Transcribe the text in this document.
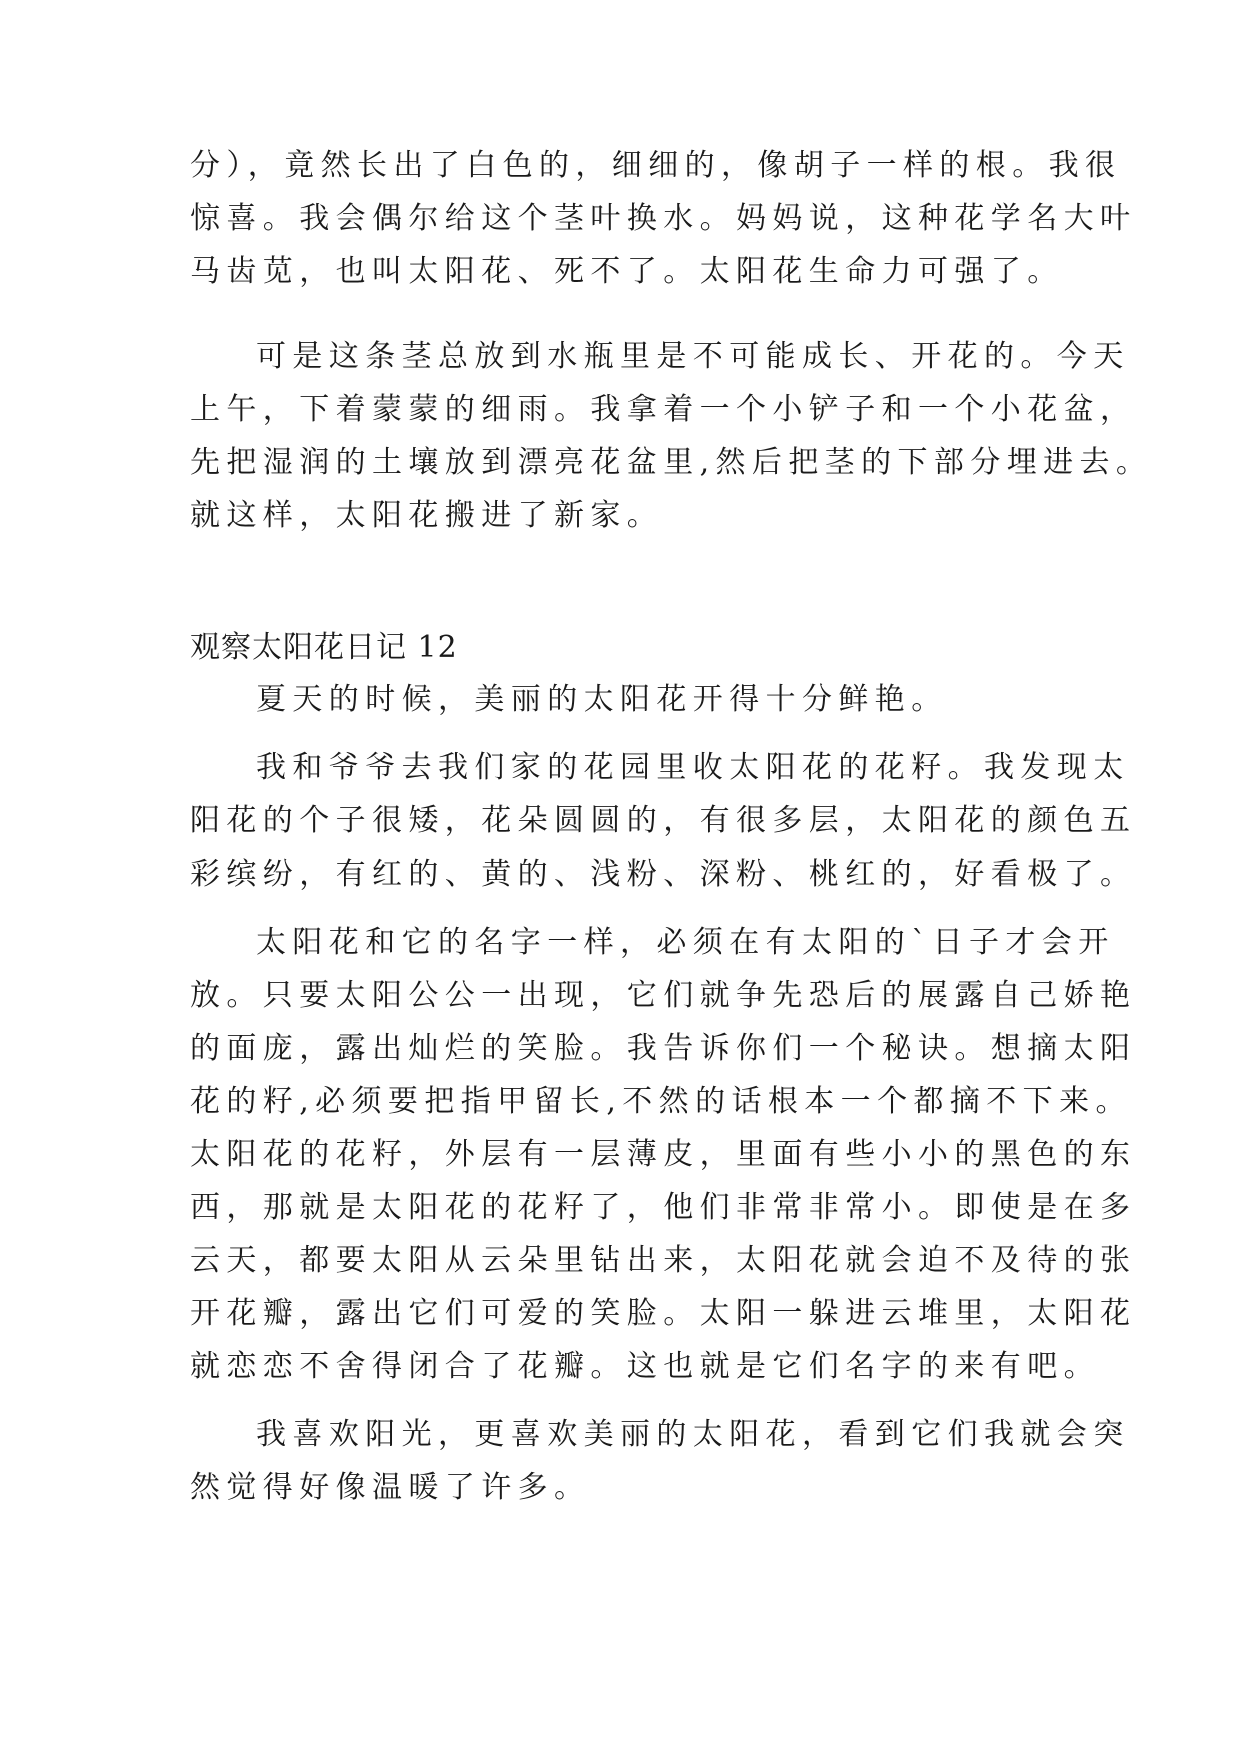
分），竟然长出了白色的，细细的，像胡子一样的根。我很
惊喜。我会偶尔给这个茎叶换水。妈妈说，这种花学名大叶
马齿苋，也叫太阳花、死不了。太阳花生命力可强了。
可是这条茎总放到水瓶里是不可能成长、开花的。今天
上午，下着蒙蒙的细雨。我拿着一个小铲子和一个小花盆，
先把湿润的土壤放到漂亮花盆里,然后把茎的下部分埋进去。
就这样，太阳花搬进了新家。
观察太阳花日记 12
夏天的时候，美丽的太阳花开得十分鲜艳。
我和爷爷去我们家的花园里收太阳花的花籽。我发现太
阳花的个子很矮，花朵圆圆的，有很多层，太阳花的颜色五
彩缤纷，有红的、黄的、浅粉、深粉、桃红的，好看极了。
太阳花和它的名字一样，必须在有太阳的`日子才会开
放。只要太阳公公一出现，它们就争先恐后的展露自己娇艳
的面庞，露出灿烂的笑脸。我告诉你们一个秘诀。想摘太阳
花的籽,必须要把指甲留长,不然的话根本一个都摘不下来。
太阳花的花籽，外层有一层薄皮，里面有些小小的黑色的东
西，那就是太阳花的花籽了，他们非常非常小。即使是在多
云天，都要太阳从云朵里钻出来，太阳花就会迫不及待的张
开花瓣，露出它们可爱的笑脸。太阳一躲进云堆里，太阳花
就恋恋不舍得闭合了花瓣。这也就是它们名字的来有吧。
我喜欢阳光，更喜欢美丽的太阳花，看到它们我就会突
然觉得好像温暖了许多。
